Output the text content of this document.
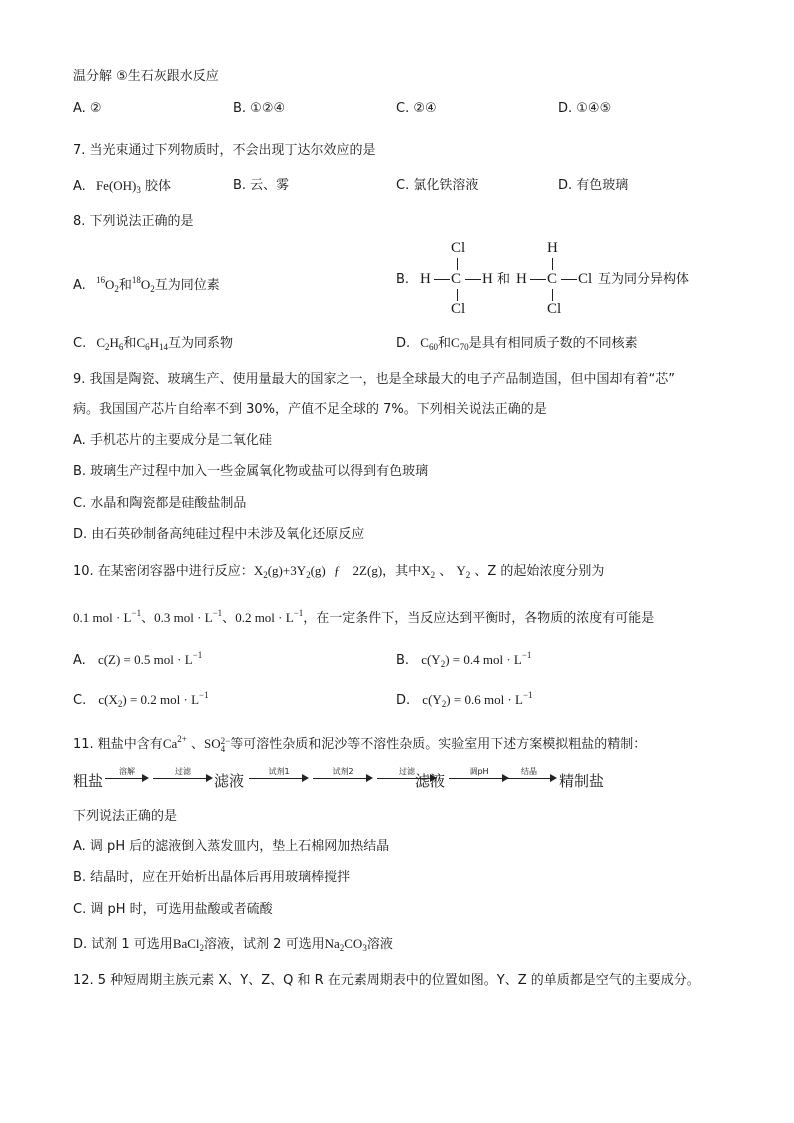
温分解 ⑤生石灰跟水反应
A. ②	B. ①②④	C. ②④	D. ①④⑤
7. 当光束通过下列物质时，不会出现丁达尔效应的是
A. $Fe(OH)_3$ 胶体	B. 云、雾	C. 氯化铁溶液	D. 有色玻璃
8. 下列说法正确的是
A. $^{16}O_2$和$^{18}O_2$互为同位素	B.
Cl
H C H
Cl
和
H
H C Cl
Cl
互为同分异构体
C. $C_2H_6$和$C_6H_{14}$互为同系物	D. $C_{60}$和$C_{70}$是具有相同质子数的不同核素
9. 我国是陶瓷、玻璃生产、使用量最大的国家之一，也是全球最大的电子产品制造国，但中国却有着“芯”
病。我国国产芯片自给率不到 30%，产值不足全球的 7%。下列相关说法正确的是
A. 手机芯片的主要成分是二氧化硅
B. 玻璃生产过程中加入一些金属氧化物或盐可以得到有色玻璃
C. 水晶和陶瓷都是硅酸盐制品
D. 由石英砂制备高纯硅过程中未涉及氧化还原反应
10. 在某密闭容器中进行反应：$X_2(g)+3Y_2(g)$ ƒ 2Z(g)，其中$X_2$ 、 $Y_2$ 、Z 的起始浓度分别为
0.1 mol · $L^{-1}$、0.3 mol · $L^{-1}$、0.2 mol · $L^{-1}$，在一定条件下，当反应达到平衡时，各物质的浓度有可能是
A. c(Z) = 0.5 mol · $L^{-1}$	B. $c(Y_2) = 0.4$ mol · $L^{-1}$
C. $c(X_2) = 0.2$ mol · $L^{-1}$	D. $c(Y_2) = 0.6$ mol · $L^{-1}$
11. 粗盐中含有$Ca^{2+}$ 、SO 2−
4 等可溶性杂质和泥沙等不溶性杂质。实验室用下述方案模拟粗盐的精制：
粗盐
溶解	过滤
滤液
试剂1	试剂2	过滤
滤液
调pH	结晶
精制盐
下列说法正确的是
A. 调 pH 后的滤液倒入蒸发皿内，垫上石棉网加热结晶
B. 结晶时，应在开始析出晶体后再用玻璃棒搅拌
C. 调 pH 时，可选用盐酸或者硫酸
D. 试剂 1 可选用BaCl$_2$溶液，试剂 2 可选用$Na_2CO_3$溶液
12. 5 种短周期主族元素 X、Y、Z、Q 和 R 在元素周期表中的位置如图。Y、Z 的单质都是空气的主要成分。
